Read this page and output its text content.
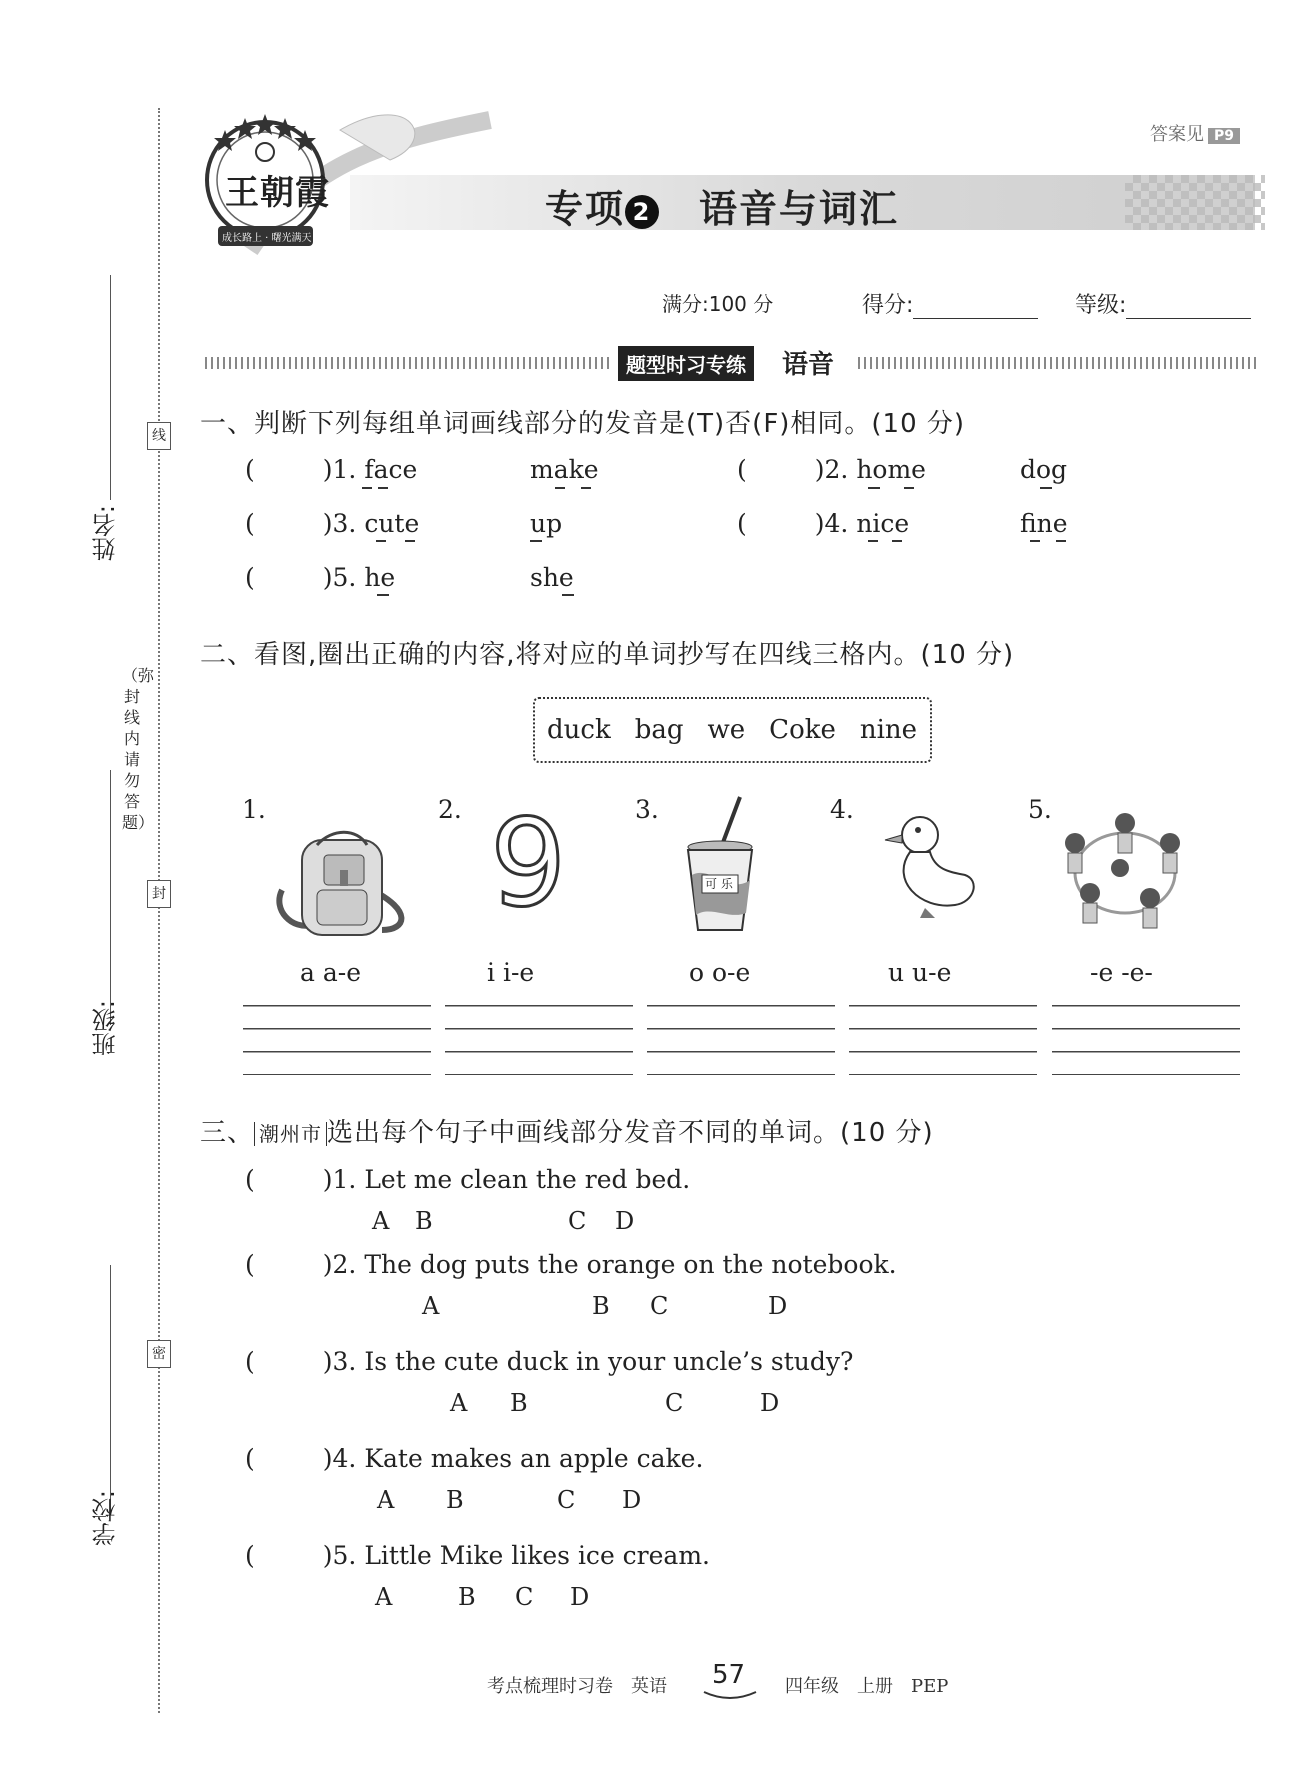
姓名:
班级:
学校:
线
封
密
（弥封线内请勿答题）
王朝霞
成长路上 · 曙光满天
答案见 P9
专项 2　 语音与词汇
满分:100 分	得分:	等级:
题型时习专练	语音
一、判断下列每组单词画线部分的发音是(T)否(F)相同。(10 分)
(	)1. face	make	(	)2. home	dog
(	)3. cute	up	(	)4. nice	fine
(	)5. he	she
二、看图,圈出正确的内容,将对应的单词抄写在四线三格内。(10 分)
duck bag we Coke nine
1.	2.	3.	4.	5.
9	可 乐
a a-e	i i-e	o o-e	u u-e	-e -e-
三、 潮州市 选出每个句子中画线部分发音不同的单词。(10 分)
(	)1. Let me clean the red bed.
A B	C D
(	)2. The dog puts the orange on the notebook.
A	B C	D
(	)3. Is the cute duck in your uncle’s study?
A B	C	D
(	)4. Kate makes an apple cake.
A B	C D
(	)5. Little Mike likes ice cream.
A	B C D
考点梳理时习卷　英语 57 四年级　上册　PEP
